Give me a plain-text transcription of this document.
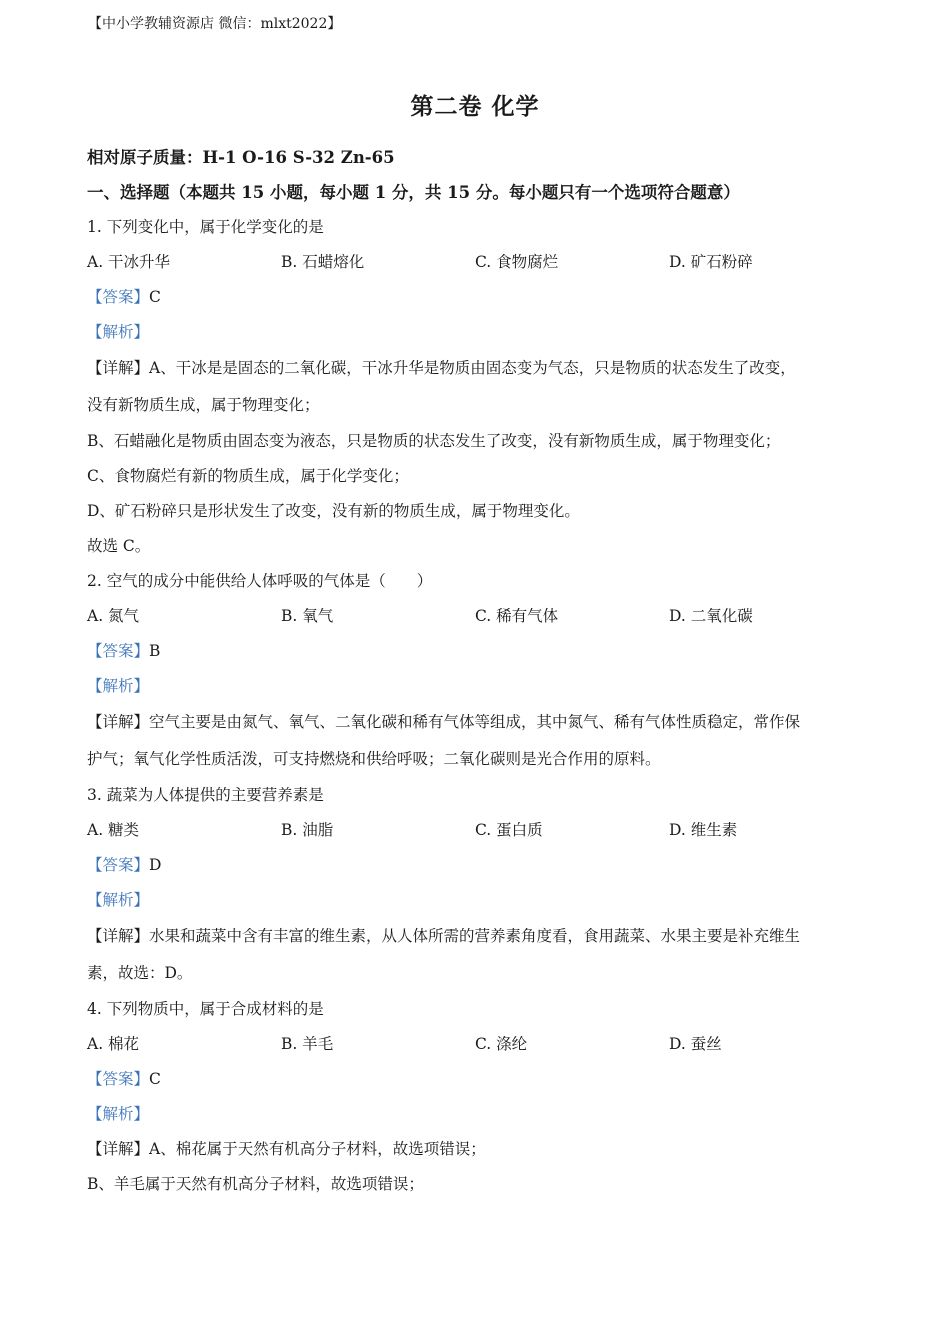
【中小学教辅资源店 微信：mlxt2022】
第二卷 化学
相对原子质量：H-1 O-16 S-32 Zn-65
一、选择题（本题共 15 小题，每小题 1 分，共 15 分。每小题只有一个选项符合题意）
1. 下列变化中，属于化学变化的是
A. 干冰升华	B. 石蜡熔化	C. 食物腐烂	D. 矿石粉碎
【答案】C
【解析】
【详解】A、干冰是是固态的二氧化碳，干冰升华是物质由固态变为气态，只是物质的状态发生了改变，
没有新物质生成，属于物理变化；
B、石蜡融化是物质由固态变为液态，只是物质的状态发生了改变，没有新物质生成，属于物理变化；
C、食物腐烂有新的物质生成，属于化学变化；
D、矿石粉碎只是形状发生了改变，没有新的物质生成，属于物理变化。
故选 C。
2. 空气的成分中能供给人体呼吸的气体是（　　）
A. 氮气	B. 氧气	C. 稀有气体	D. 二氧化碳
【答案】B
【解析】
【详解】空气主要是由氮气、氧气、二氧化碳和稀有气体等组成，其中氮气、稀有气体性质稳定，常作保
护气；氧气化学性质活泼，可支持燃烧和供给呼吸；二氧化碳则是光合作用的原料。
3. 蔬菜为人体提供的主要营养素是
A. 糖类	B. 油脂	C. 蛋白质	D. 维生素
【答案】D
【解析】
【详解】水果和蔬菜中含有丰富的维生素，从人体所需的营养素角度看，食用蔬菜、水果主要是补充维生
素，故选：D。
4. 下列物质中，属于合成材料的是
A. 棉花	B. 羊毛	C. 涤纶	D. 蚕丝
【答案】C
【解析】
【详解】A、棉花属于天然有机高分子材料，故选项错误；
B、羊毛属于天然有机高分子材料，故选项错误；
